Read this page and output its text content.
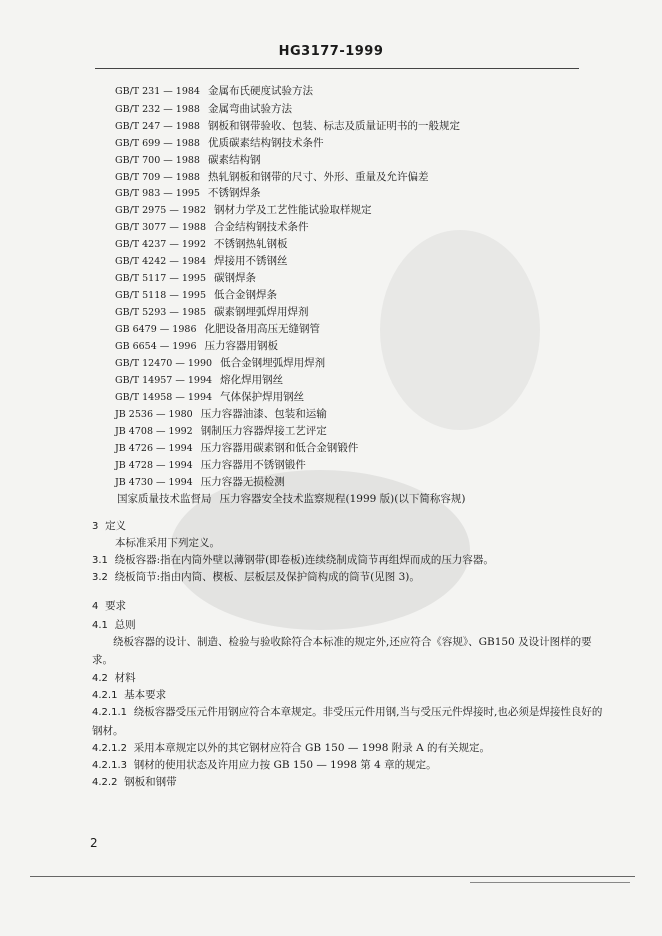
HG3177-1999
GB/T 231 — 1984 金属布氏硬度试验方法
GB/T 232 — 1988 金属弯曲试验方法
GB/T 247 — 1988 钢板和钢带验收、包装、标志及质量证明书的一般规定
GB/T 699 — 1988 优质碳素结构钢技术条件
GB/T 700 — 1988 碳素结构钢
GB/T 709 — 1988 热轧钢板和钢带的尺寸、外形、重量及允许偏差
GB/T 983 — 1995 不锈钢焊条
GB/T 2975 — 1982 钢材力学及工艺性能试验取样规定
GB/T 3077 — 1988 合金结构钢技术条件
GB/T 4237 — 1992 不锈钢热轧钢板
GB/T 4242 — 1984 焊接用不锈钢丝
GB/T 5117 — 1995 碳钢焊条
GB/T 5118 — 1995 低合金钢焊条
GB/T 5293 — 1985 碳素钢埋弧焊用焊剂
GB 6479 — 1986 化肥设备用高压无缝钢管
GB 6654 — 1996 压力容器用钢板
GB/T 12470 — 1990 低合金钢埋弧焊用焊剂
GB/T 14957 — 1994 熔化焊用钢丝
GB/T 14958 — 1994 气体保护焊用钢丝
JB 2536 — 1980 压力容器油漆、包装和运输
JB 4708 — 1992 钢制压力容器焊接工艺评定
JB 4726 — 1994 压力容器用碳素钢和低合金钢锻件
JB 4728 — 1994 压力容器用不锈钢锻件
JB 4730 — 1994 压力容器无损检测
国家质量技术监督局 压力容器安全技术监察规程(1999 版)(以下简称容规)
3 定义
本标准采用下列定义。
3.1 绕板容器:指在内筒外壁以薄钢带(即卷板)连续绕制成筒节再组焊而成的压力容器。
3.2 绕板筒节:指由内筒、楔板、层板层及保护筒构成的筒节(见图 3)。
4 要求
4.1 总则
绕板容器的设计、制造、检验与验收除符合本标准的规定外,还应符合《容规》、GB150 及设计图样的要求。
4.2 材料
4.2.1 基本要求
4.2.1.1 绕板容器受压元件用钢应符合本章规定。非受压元件用钢,当与受压元件焊接时,也必须是焊接性良好的钢材。
4.2.1.2 采用本章规定以外的其它钢材应符合 GB 150 — 1998 附录 A 的有关规定。
4.2.1.3 钢材的使用状态及许用应力按 GB 150 — 1998 第 4 章的规定。
4.2.2 钢板和钢带
2
